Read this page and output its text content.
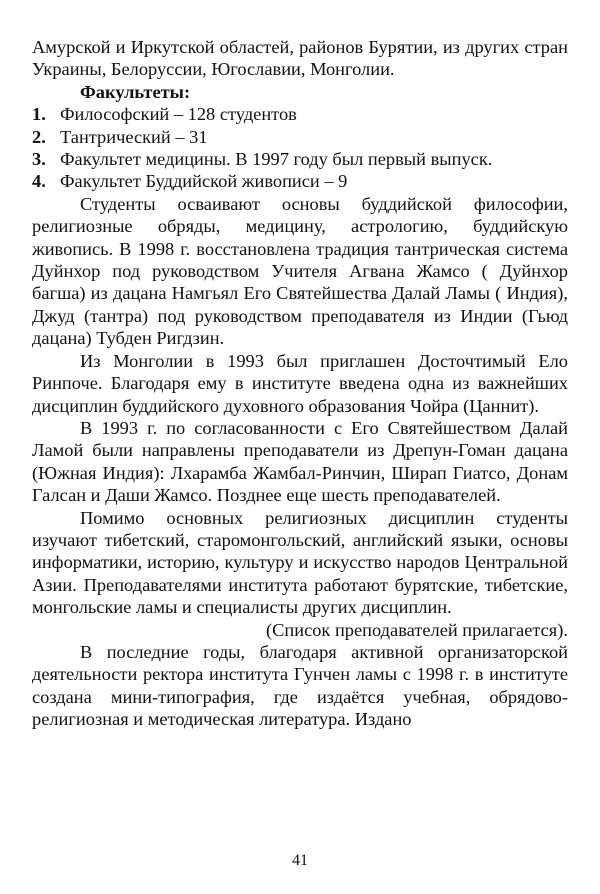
Амурской и Иркутской областей, районов Бурятии, из других стран Украины, Белоруссии, Югославии, Монголии.

Факультеты:

1. Философский – 128 студентов

2. Тантрический – 31

3. Факультет медицины. В 1997 году был первый выпуск.

4. Факультет Буддийской живописи – 9

Студенты осваивают основы буддийской философии, религиозные обряды, медицину, астрологию, буддийскую живопись. В 1998 г. восстановлена традиция тантрическая система Дуйнхор под руководством Учителя Агвана Жамсо ( Дуйнхор багша) из дацана Намгьял Его Святейшества Далай Ламы ( Индия), Джуд (тантра) под руководством преподавателя из Индии (Гьюд дацана) Тубден Ригдзин.

Из Монголии в 1993 был приглашен Досточтимый Ело Ринпоче. Благодаря ему в институте введена одна из важнейших дисциплин буддийского духовного образования Чойра (Цаннит).

В 1993 г. по согласованности с Его Святейшеством Далай Ламой были направлены преподаватели из Дрепун-Гоман дацана (Южная Индия): Лхарамба Жамбал-Ринчин, Ширап Гиатсо, Донам Галсан и Даши Жамсо. Позднее еще шесть преподавателей.

Помимо основных религиозных дисциплин студенты изучают тибетский, старомонгольский, английский языки, основы информатики, историю, культуру и искусство народов Центральной Азии. Преподавателями института работают бурятские, тибетские, монгольские ламы и специалисты других дисциплин.

(Список преподавателей прилагается).

В последние годы, благодаря активной организаторской деятельности ректора института Гунчен ламы с 1998 г. в институте создана мини-типография, где издаётся учебная, обрядово-религиозная и методическая литература. Издано

41
